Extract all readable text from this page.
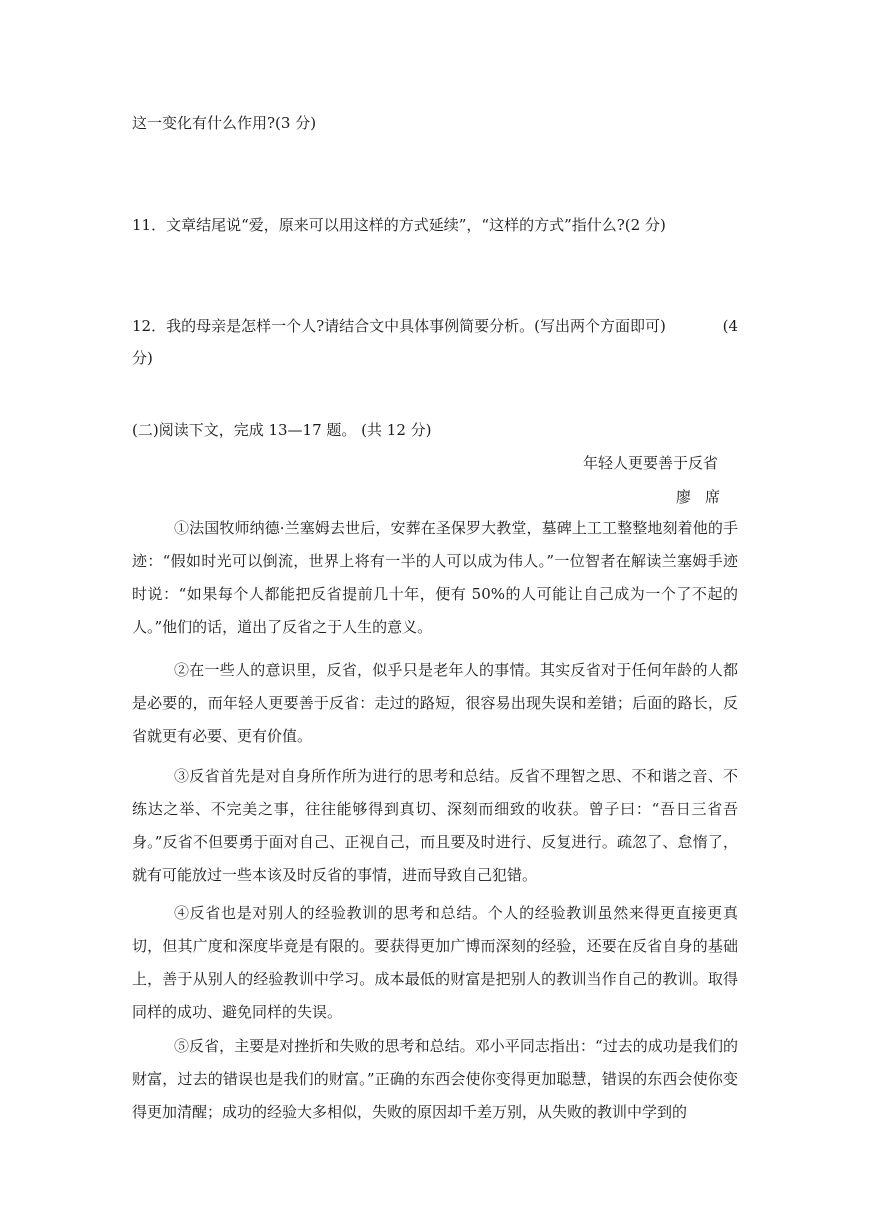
这一变化有什么作用?(3 分)
11．文章结尾说“爱，原来可以用这样的方式延续”，“这样的方式”指什么?(2 分)
12．我的母亲是怎样一个人?请结合文中具体事例简要分析。(写出两个方面即可)	(4

分)
(二)阅读下文，完成 13—17 题。 (共 12 分)
年轻人更要善于反省
廖席
①法国牧师纳德·兰塞姆去世后，安葬在圣保罗大教堂，墓碑上工工整整地刻着他的手迹：“假如时光可以倒流，世界上将有一半的人可以成为伟人。”一位智者在解读兰塞姆手迹时说：“如果每个人都能把反省提前几十年，便有 50%的人可能让自己成为一个了不起的人。”他们的话，道出了反省之于人生的意义。
②在一些人的意识里，反省，似乎只是老年人的事情。其实反省对于任何年龄的人都是必要的，而年轻人更要善于反省：走过的路短，很容易出现失误和差错；后面的路长，反省就更有必要、更有价值。
③反省首先是对自身所作所为进行的思考和总结。反省不理智之思、不和谐之音、不练达之举、不完美之事，往往能够得到真切、深刻而细致的收获。曾子曰：“吾日三省吾身。”反省不但要勇于面对自己、正视自己，而且要及时进行、反复进行。疏忽了、怠惰了，就有可能放过一些本该及时反省的事情，进而导致自己犯错。
④反省也是对别人的经验教训的思考和总结。个人的经验教训虽然来得更直接更真切，但其广度和深度毕竟是有限的。要获得更加广博而深刻的经验，还要在反省自身的基础上，善于从别人的经验教训中学习。成本最低的财富是把别人的教训当作自己的教训。取得同样的成功、避免同样的失误。
⑤反省，主要是对挫折和失败的思考和总结。邓小平同志指出：“过去的成功是我们的财富，过去的错误也是我们的财富。”正确的东西会使你变得更加聪慧，错误的东西会使你变得更加清醒；成功的经验大多相似，失败的原因却千差万别，从失败的教训中学到的
